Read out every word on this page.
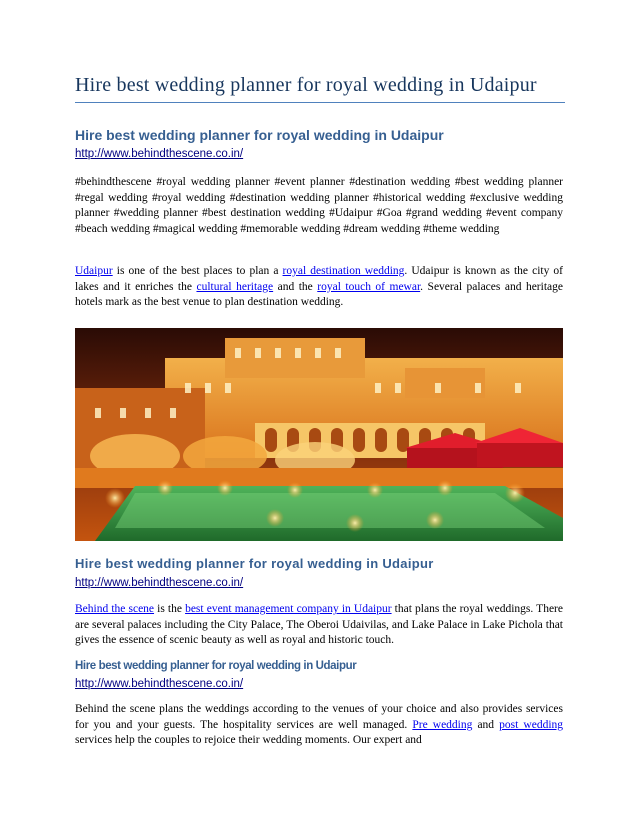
Hire best wedding planner for royal wedding in Udaipur
Hire best wedding planner for royal wedding in Udaipur
http://www.behindthescene.co.in/

#behindthescene #royal wedding planner #event planner #destination wedding #best wedding planner #regal wedding #royal wedding #destination wedding planner #historical wedding #exclusive wedding planner #wedding planner #best destination wedding #Udaipur #Goa #grand wedding #event company #beach wedding #magical wedding #memorable wedding #dream wedding #theme wedding

Udaipur is one of the best places to plan a royal destination wedding. Udaipur is known as the city of lakes and it enriches the cultural heritage and the royal touch of mewar. Several palaces and heritage hotels mark as the best venue to plan destination wedding.

Hire best wedding planner for royal wedding in Udaipur
http://www.behindthescene.co.in/

Behind the scene is the best event management company in Udaipur that plans the royal weddings. There are several palaces including the City Palace, The Oberoi Udaivilas, and Lake Palace in Lake Pichola that gives the essence of scenic beauty as well as royal and historic touch.

Hire best wedding planner for royal wedding in Udaipur
http://www.behindthescene.co.in/

Behind the scene plans the weddings according to the venues of your choice and also provides services for you and your guests. The hospitality services are well managed. Pre wedding and post wedding services help the couples to rejoice their wedding moments. Our expert and
